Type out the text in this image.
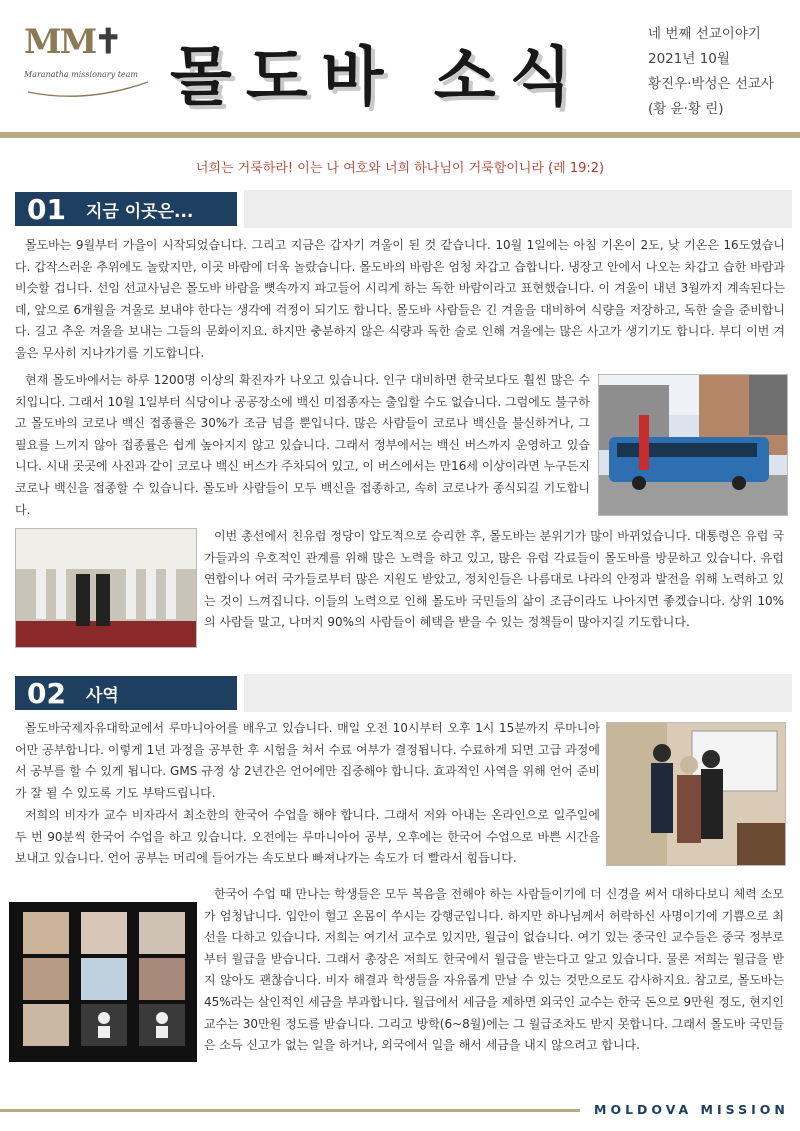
MM
✝
Maranatha missionary team 몰도바 소식
네 번째 선교이야기
2021년 10월
황진우·박성은 선교사
(황 윤·황 린)
너희는 거룩하라! 이는 나 여호와 너희 하나님이 거룩함이니라 (레 19:2)
01 지금 이곳은...

몰도바는 9월부터 가을이 시작되었습니다. 그리고 지금은 갑자기 겨울이 된 것 같습니다. 10월 1일에는 아침 기온이 2도, 낮 기온은 16도였습니다. 갑작스러운 추위에도 놀랐지만, 이곳 바람에 더욱 놀랐습니다. 몰도바의 바람은 엄청 차갑고 습합니다. 냉장고 안에서 나오는 차갑고 습한 바람과 비슷할 겁니다. 선임 선교사님은 몰도바 바람을 뼛속까지 파고들어 시리게 하는 독한 바람이라고 표현했습니다. 이 겨울이 내년 3월까지 계속된다는데, 앞으로 6개월을 겨울로 보내야 한다는 생각에 걱정이 되기도 합니다. 몰도바 사람들은 긴 겨울을 대비하여 식량을 저장하고, 독한 술을 준비합니다. 길고 추운 겨울을 보내는 그들의 문화이지요. 하지만 충분하지 않은 식량과 독한 술로 인해 겨울에는 많은 사고가 생기기도 합니다. 부디 이번 겨울은 무사히 지나가기를 기도합니다.

현재 몰도바에서는 하루 1200명 이상의 확진자가 나오고 있습니다. 인구 대비하면 한국보다도 훨씬 많은 수치입니다. 그래서 10월 1일부터 식당이나 공공장소에 백신 미접종자는 출입할 수도 없습니다. 그럼에도 불구하고 몰도바의 코로나 백신 접종률은 30%가 조금 넘을 뿐입니다. 많은 사람들이 코로나 백신을 불신하거나, 그 필요를 느끼지 않아 접종률은 쉽게 높아지지 않고 있습니다. 그래서 정부에서는 백신 버스까지 운영하고 있습니다. 시내 곳곳에 사진과 같이 코로나 백신 버스가 주차되어 있고, 이 버스에서는 만16세 이상이라면 누구든지 코로나 백신을 접종할 수 있습니다. 몰도바 사람들이 모두 백신을 접종하고, 속히 코로나가 종식되길 기도합니다.

이번 총선에서 친유럽 정당이 압도적으로 승리한 후, 몰도바는 분위기가 많이 바뀌었습니다. 대통령은 유럽 국가들과의 우호적인 관계를 위해 많은 노력을 하고 있고, 많은 유럽 각료들이 몰도바를 방문하고 있습니다. 유럽 연합이나 여러 국가들로부터 많은 지원도 받았고, 정치인들은 나름대로 나라의 안정과 발전을 위해 노력하고 있는 것이 느껴집니다. 이들의 노력으로 인해 몰도바 국민들의 삶이 조금이라도 나아지면 좋겠습니다. 상위 10%의 사람들 말고, 나머지 90%의 사람들이 혜택을 받을 수 있는 정책들이 많아지길 기도합니다.

02 사역

몰도바국제자유대학교에서 루마니아어를 배우고 있습니다. 매일 오전 10시부터 오후 1시 15분까지 루마니아어만 공부합니다. 이렇게 1년 과정을 공부한 후 시험을 쳐서 수료 여부가 결정됩니다. 수료하게 되면 고급 과정에서 공부를 할 수 있게 됩니다. GMS 규정 상 2년간은 언어에만 집중해야 합니다. 효과적인 사역을 위해 언어 준비가 잘 될 수 있도록 기도 부탁드립니다.

저희의 비자가 교수 비자라서 최소한의 한국어 수업을 해야 합니다. 그래서 저와 아내는 온라인으로 일주일에 두 번 90분씩 한국어 수업을 하고 있습니다. 오전에는 루마니아어 공부, 오후에는 한국어 수업으로 바쁜 시간을 보내고 있습니다. 언어 공부는 머리에 들어가는 속도보다 빠져나가는 속도가 더 빨라서 힘듭니다.

한국어 수업 때 만나는 학생들은 모두 복음을 전해야 하는 사람들이기에 더 신경을 써서 대하다보니 체력 소모가 엄청납니다. 입안이 헐고 온몸이 쑤시는 강행군입니다. 하지만 하나님께서 허락하신 사명이기에 기쁨으로 최선을 다하고 있습니다. 저희는 여기서 교수로 있지만, 월급이 없습니다. 여기 있는 중국인 교수들은 중국 정부로부터 월급을 받습니다. 그래서 총장은 저희도 한국에서 월급을 받는다고 알고 있습니다. 물론 저희는 월급을 받지 않아도 괜찮습니다. 비자 해결과 학생들을 자유롭게 만날 수 있는 것만으로도 감사하지요. 참고로, 몰도바는 45%라는 살인적인 세금을 부과합니다. 월급에서 세금을 제하면 외국인 교수는 한국 돈으로 9만원 정도, 현지인 교수는 30만원 정도를 받습니다. 그리고 방학(6~8월)에는 그 월급조차도 받지 못합니다. 그래서 몰도바 국민들은 소득 신고가 없는 일을 하거나, 외국에서 일을 해서 세금을 내지 않으려고 합니다.

MOLDOVA MISSION
